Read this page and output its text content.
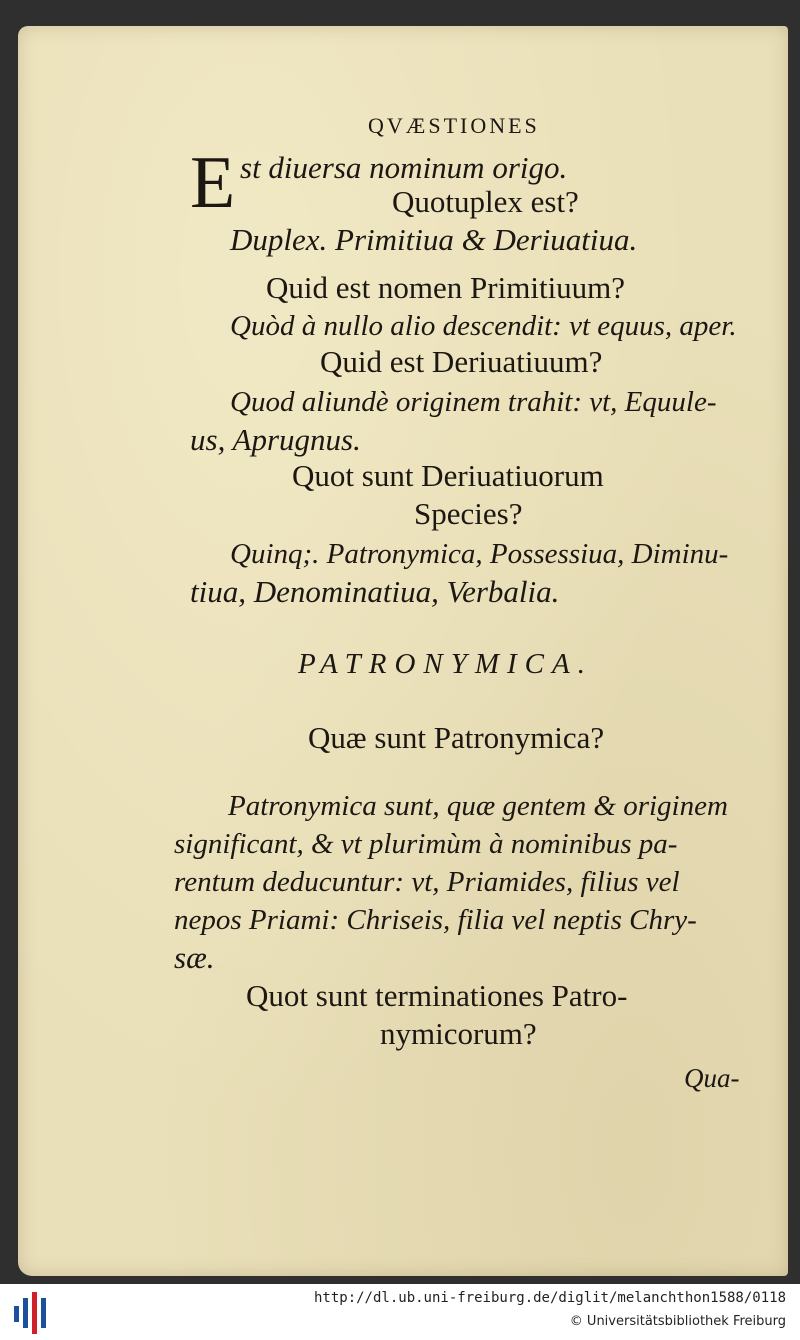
QVÆSTIONES
E st diuersa nominum origo.
Quotuplex est?
Duplex. Primitiua & Deriuatiua.
Quid est nomen Primitiuum?
Quòd à nullo alio descendit: vt equus, aper.
Quid est Deriuatiuum?
Quod aliundè originem trahit: vt, Equule-
us, Aprugnus.
Quot sunt Deriuatiuorum
Species?
Quinq;. Patronymica, Possessiua, Diminu-
tiua, Denominatiua, Verbalia.
PATRONYMICA.
Quæ sunt Patronymica?
Patronymica sunt, quæ gentem & originem
significant, & vt plurimùm à nominibus pa-
rentum deducuntur: vt, Priamides, filius vel
nepos Priami: Chriseis, filia vel neptis Chry-
sæ.
Quot sunt terminationes Patro-
nymicorum?
Qua-
http://dl.ub.uni-freiburg.de/diglit/melanchthon1588/0118
© Universitätsbibliothek Freiburg
